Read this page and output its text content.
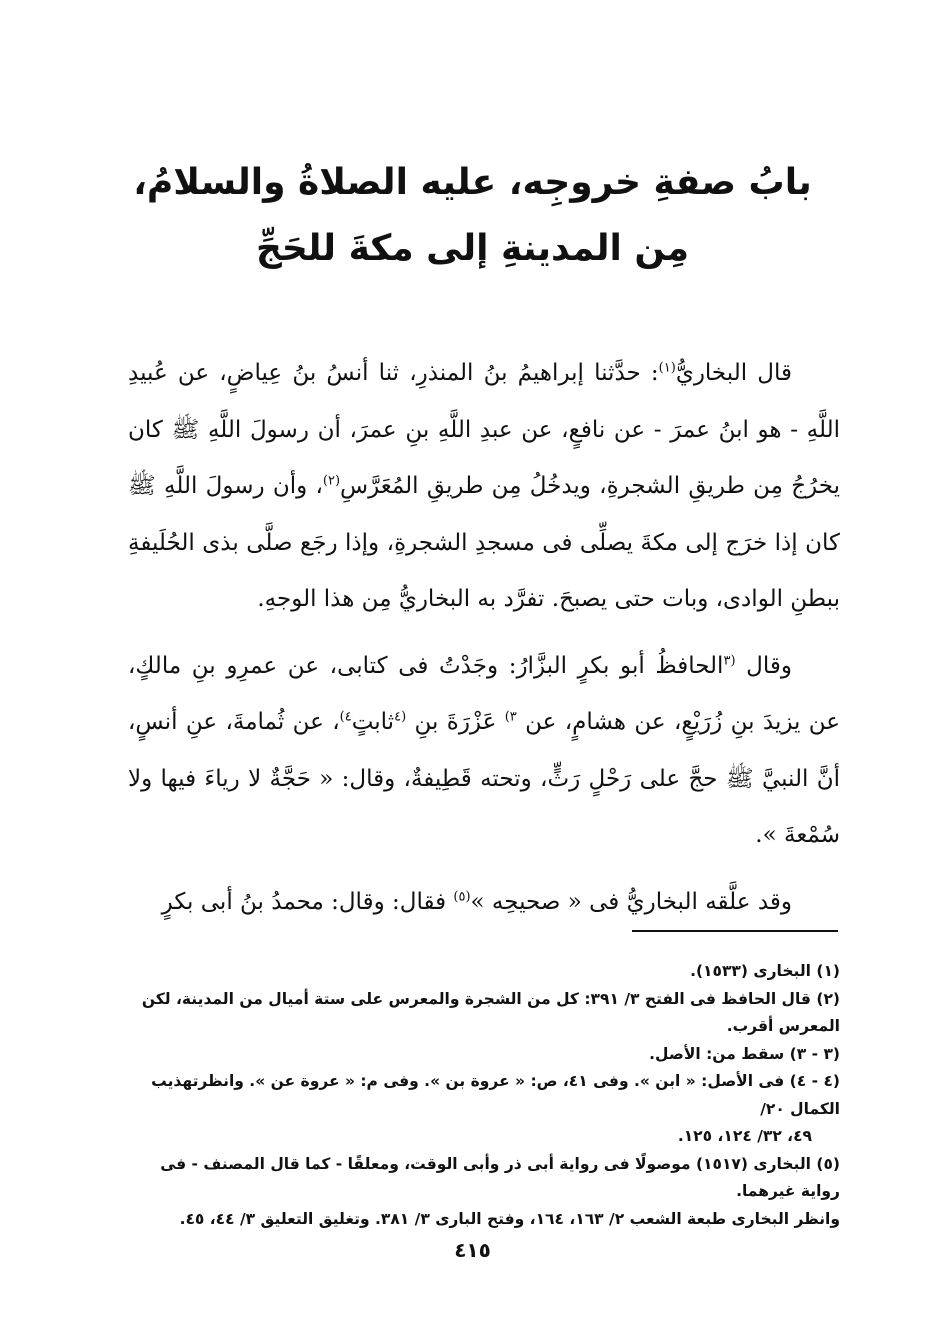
بابُ صفةِ خروجِه، عليه الصلاةُ والسلامُ،
مِن المدينةِ إلى مكةَ للحَجِّ

قال البخاريُّ$^{(١)}$: حدَّثنا إبراهيمُ بنُ المنذرِ، ثنا أنسُ بنُ عِياضٍ، عن عُبيدِ اللَّهِ - هو ابنُ عمرَ - عن نافعٍ، عن عبدِ اللَّهِ بنِ عمرَ، أن رسولَ اللَّهِ ﷺ كان يخرُجُ مِن طريقِ الشجرةِ، ويدخُلُ مِن طريقِ المُعَرَّسِ$^{(٢)}$، وأن رسولَ اللَّهِ ﷺ كان إذا خرَج إلى مكةَ يصلِّى فى مسجدِ الشجرةِ، وإذا رجَع صلَّى بذى الحُلَيفةِ ببطنِ الوادى، وبات حتى يصبحَ. تفرَّد به البخاريُّ مِن هذا الوجهِ.

وقال $^{(٣}$الحافظُ أبو بكرٍ البزَّارُ: وجَدْتُ فى كتابى، عن عمرِو بنِ مالكٍ، عن يزيدَ بنِ زُرَيْعٍ، عن هشامٍ، عن $^{٣)}$ عَزْرَةَ بنِ $^{(٤}$ثابتٍ$^{٤)}$، عن ثُمامةَ، عنِ أنسٍ، أنَّ النبيَّ ﷺ حجَّ على رَحْلٍ رَثٍّ، وتحته قَطِيفةٌ، وقال: « حَجَّةٌ لا رياءَ فيها ولا سُمْعةَ ».

وقد علَّقه البخاريُّ فى « صحيحِه »$^{(٥)}$ فقال: وقال: محمدُ بنُ أبى بكرٍ

(١) البخارى (١٥٣٣).
(٢) قال الحافظ فى الفتح ٣/ ٣٩١: كل من الشجرة والمعرس على ستة أميال من المدينة، لكن المعرس أقرب.
(٣ - ٣) سقط من: الأصل.
(٤ - ٤) فى الأصل: « ابن ». وفى ٤١، ص: « عروة بن ». وفى م: « عروة عن ». وانظرتهذيب الكمال ٢٠/
٤٩، ٣٢/ ١٢٤، ١٢٥.
(٥) البخارى (١٥١٧) موصولًا فى رواية أبى ذر وأبى الوقت، ومعلقًا - كما قال المصنف - فى رواية غيرهما.
وانظر البخارى طبعة الشعب ٢/ ١٦٣، ١٦٤، وفتح البارى ٣/ ٣٨١. وتغليق التعليق ٣/ ٤٤، ٤٥.
٤١٥
